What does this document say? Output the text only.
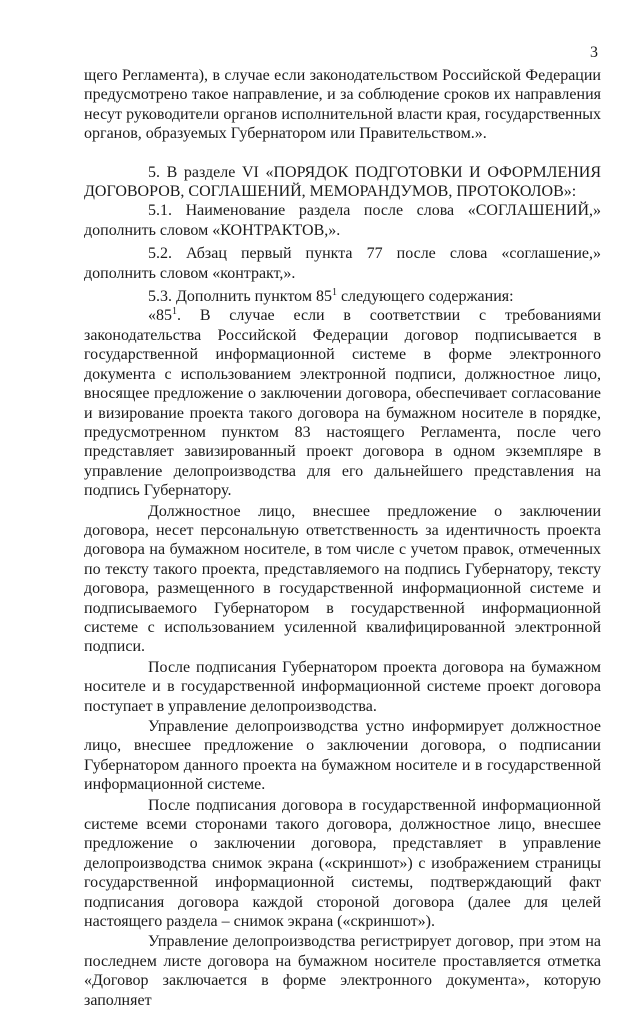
3

щего Регламента), в случае если законодательством Российской Федерации предусмотрено такое направление, и за соблюдение сроков их направления несут руководители органов исполнительной власти края, государственных органов, образуемых Губернатором или Правительством.».

5. В разделе VI «ПОРЯДОК ПОДГОТОВКИ И ОФОРМЛЕНИЯ ДОГОВОРОВ, СОГЛАШЕНИЙ, МЕМОРАНДУМОВ, ПРОТОКОЛОВ»:

5.1. Наименование раздела после слова «СОГЛАШЕНИЙ,» дополнить словом «КОНТРАКТОВ,».

5.2. Абзац первый пункта 77 после слова «соглашение,» дополнить словом «контракт,».

5.3. Дополнить пунктом $85^1$ следующего содержания:

«$85^1$. В случае если в соответствии с требованиями законодательства Российской Федерации договор подписывается в государственной информационной системе в форме электронного документа с использованием электронной подписи, должностное лицо, вносящее предложение о заключении договора, обеспечивает согласование и визирование проекта такого договора на бумажном носителе в порядке, предусмотренном пунктом 83 настоящего Регламента, после чего представляет завизированный проект договора в одном экземпляре в управление делопроизводства для его дальнейшего представления на подпись Губернатору.

Должностное лицо, внесшее предложение о заключении договора, несет персональную ответственность за идентичность проекта договора на бумажном носителе, в том числе с учетом правок, отмеченных по тексту такого проекта, представляемого на подпись Губернатору, тексту договора, размещенного в государственной информационной системе и подписываемого Губернатором в государственной информационной системе с использованием усиленной квалифицированной электронной подписи.

После подписания Губернатором проекта договора на бумажном носителе и в государственной информационной системе проект договора поступает в управление делопроизводства.

Управление делопроизводства устно информирует должностное лицо, внесшее предложение о заключении договора, о подписании Губернатором данного проекта на бумажном носителе и в государственной информационной системе.

После подписания договора в государственной информационной системе всеми сторонами такого договора, должностное лицо, внесшее предложение о заключении договора, представляет в управление делопроизводства снимок экрана («скриншот») с изображением страницы государственной информационной системы, подтверждающий факт подписания договора каждой стороной договора (далее для целей настоящего раздела – снимок экрана («скриншот»).

Управление делопроизводства регистрирует договор, при этом на последнем листе договора на бумажном носителе проставляется отметка «Договор заключается в форме электронного документа», которую заполняет
